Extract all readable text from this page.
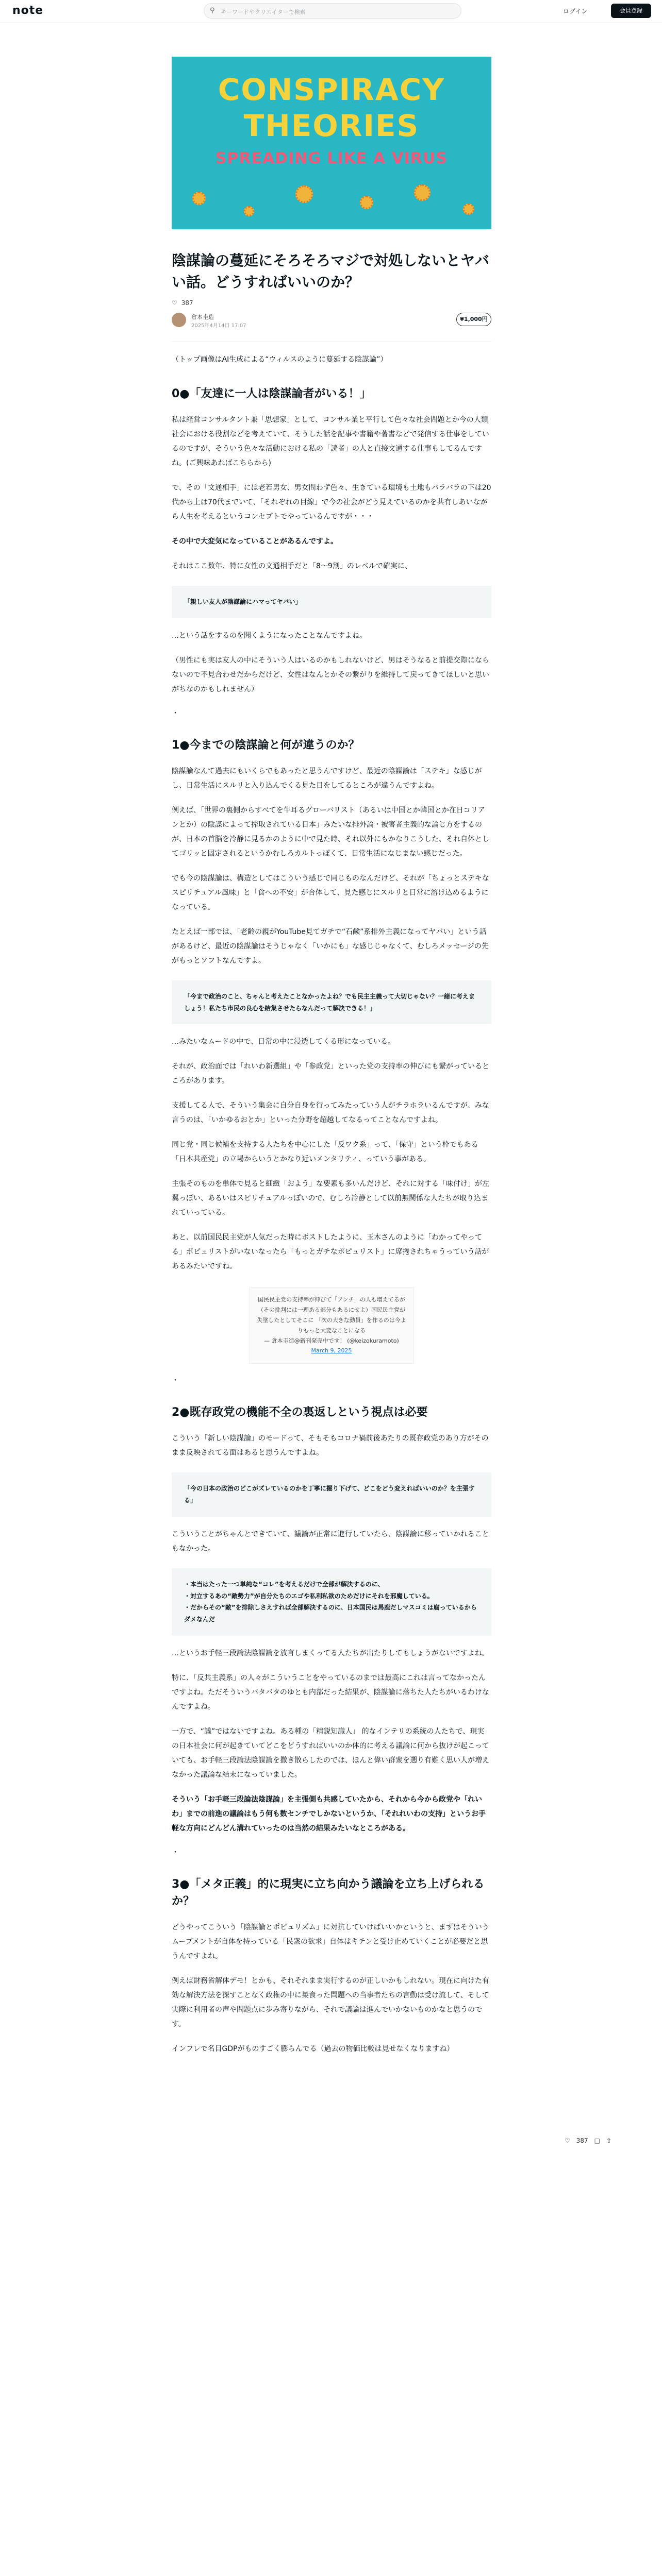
note	⚲ キーワードやクリエイターで検索	ログイン	会員登録
CONSPIRACY
THEORIES
SPREADING LIKE A VIRUS
陰謀論の蔓延にそろそろマジで対処しないとヤバい話。どうすればいいのか？
♡ 387
倉本圭造
2025年4月14日 17:07
¥1,000円

（トップ画像はAI生成による“ウィルスのように蔓延する陰謀論”）

0●「友達に一人は陰謀論者がいる！」

私は経営コンサルタント兼「思想家」として、コンサル業と平行して色々な社会問題とか今の人類社会における役割などを考えていて、そうした話を記事や書籍や著書などで発信する仕事をしているのですが、そういう色々な活動における私の「読者」の人と直接文通する仕事もしてるんですね。(ご興味あればこちらから)

で、その「文通相手」には老若男女、男女問わず色々、生きている環境も土地もバラバラの下は20代から上は70代までいて、「それぞれの目線」で今の社会がどう見えているのかを共有しあいながら人生を考えるというコンセプトでやっているんですが・・・

その中で大変気になっていることがあるんですよ。

それはここ数年、特に女性の文通相手だと「8～9割」のレベルで確実に、

「親しい友人が陰謀論にハマってヤバい」

…という話をするのを聞くようになったことなんですよね。

（男性にも実は友人の中にそういう人はいるのかもしれないけど、男はそうなると前提交際にならないので不見合わせだからだけど、女性はなんとかその繋がりを維持して戻ってきてほしいと思いがちなのかもしれません）

・
1●今までの陰謀論と何が違うのか？

陰謀論なんて過去にもいくらでもあったと思うんですけど、最近の陰謀論は「ステキ」な感じがし、日常生活にスルリと入り込んでくる見た目をしてるところが違うんですよね。

例えば、「世界の裏側からすべてを牛耳るグローバリスト（あるいは中国とか韓国とか在日コリアンとか）の陰謀によって搾取されている日本」みたいな排外論・被害者主義的な論じ方をするのが、日本の首脳を冷静に見るかのように中で見た時、それ以外にもかなりこうした、それ自体としてゴリッと固定されるというかむしろカルトっぽくて、日常生活になじまない感じだった。

でも今の陰謀論は、構造としてはこういう感じで同じものなんだけど、それが「ちょっとステキなスピリチュアル風味」と「食への不安」が合体して、見た感じにスルリと日常に溶け込めるようになっている。

たとえば一部では、「老齢の親がYouTube見てガチで“石鹸”系排外主義になってヤバい」という話があるけど、最近の陰謀論はそうじゃなく「いかにも」な感じじゃなくて、むしろメッセージの先がもっとソフトなんですよ。

「今まで政治のこと、ちゃんと考えたことなかったよね？でも民主主義って大切じゃない？一緒に考えましょう！私たち市民の良心を結集させたらなんだって解決できる！」

…みたいなムードの中で、日常の中に浸透してくる形になっている。

それが、政治面では「れいわ新選組」や「参政党」といった党の支持率の伸びにも繋がっているところがあります。

支援してる人で、そういう集会に自分自身を行ってみたっていう人がチラホラいるんですが、みな言うのは、「いかゆるおとか」といった分野を超越してなるってことなんですよね。

同じ党・同じ候補を支持する人たちを中心にした「反ワク系」って、「保守」という枠でもある「日本共産党」の立場からいうとかなり近いメンタリティ、っていう事がある。

主張そのものを単体で見ると細緻「およう」な要素も多いんだけど、それに対する「味付け」が左翼っぽい、あるいはスピリチュアルっぽいので、むしろ冷静として以前無関係な人たちが取り込まれていっている。

あと、以前国民民主党が人気だった時にポストしたように、玉木さんのように「わかってやってる」ポピュリストがいないなったら「もっとガチなポピュリスト」に席捲されちゃうっていう話があるみたいですね。

国民民主党の支持率が伸びて「アンチ」の人も増えてるが （その批判には一理ある部分もあるにせよ）国民民主党が失墜したとしてそこに 「次の大きな動員」を作るのは今よりもっと大変なことになる
— 倉本圭造@新刊発売中です！ (@keizokuramoto)
March 9, 2025
・
2●既存政党の機能不全の裏返しという視点は必要

こういう「新しい陰謀論」のモードって、そもそもコロナ禍前後あたりの既存政党のあり方がそのまま反映されてる面はあると思うんですよね。

「今の日本の政治のどこがズレているのかを丁寧に掘り下げて、どこをどう変えればいいのか？を主張する」

こういうことがちゃんとできていて、議論が正常に進行していたら、陰謀論に移っていかれることもなかった。

・本当はたった一つ単純な“コレ”を考えるだけで全部が解決するのに、
・対立するあの“敵勢力”が自分たちのエゴや私利私欲のためだけにそれを邪魔している。
・だからその“敵”を排除しさえすれば全部解決するのに、日本国民は馬鹿だしマスコミは腐っているからダメなんだ

…というお手軽三段論法陰謀論を放言しまくってる人たちが出たりしてもしょうがないですよね。

特に、「反共主義系」の人々がこういうことをやっているのまでは最高にこれは言ってなかったんですよね。ただそういうバタバタのゆとも内部だった結果が、陰謀論に落ちた人たちがいるわけなんですよね。

一方で、“議”ではないですよね。ある種の「精鋭知識人」 的なインテリの系統の人たちで、現実の日本社会に何が起きていてどこをどうすればいいのか体的に考える議論に何から抜けが起こっていても、お手軽三段論法陰謀論を撒き散らしたのでは、ほんと偉い群衆を遡り有難く思い人が増えなかった議論な結末になっていました。

そういう「お手軽三段論法陰謀論」を主張側も共感していたから、それから今から政党や「れいわ」までの前進の議論はもう何も数センチでしかないというか、「それれいわの支持」というお手軽な方向にどんどん溝れていったのは当然の結果みたいなところがある。

・
3●「メタ正義」的に現実に立ち向かう議論を立ち上げられるか？

どうやってこういう「陰謀論とポピュリズム」に対抗していけばいいかというと、まずはそういうムーブメントが自体を持っている「民衆の欲求」自体はキチンと受け止めていくことが必要だと思うんですよね。

例えば財務省解体デモ！とかも、それそれまま実行するのが正しいかもしれない。現在に向けた有効な解決方法を探すことなく政権の中に巣食った問題への当事者たちの言動は受け流して、そして実際に利用者の声や問題点に歩み寄りながら、それで議論は進んでいかないものかなと思うのです。

インフレで名目GDPがものすごく膨らんでる（過去の物価比較は見せなくなりますね）

♡ 387 □ ⇧
